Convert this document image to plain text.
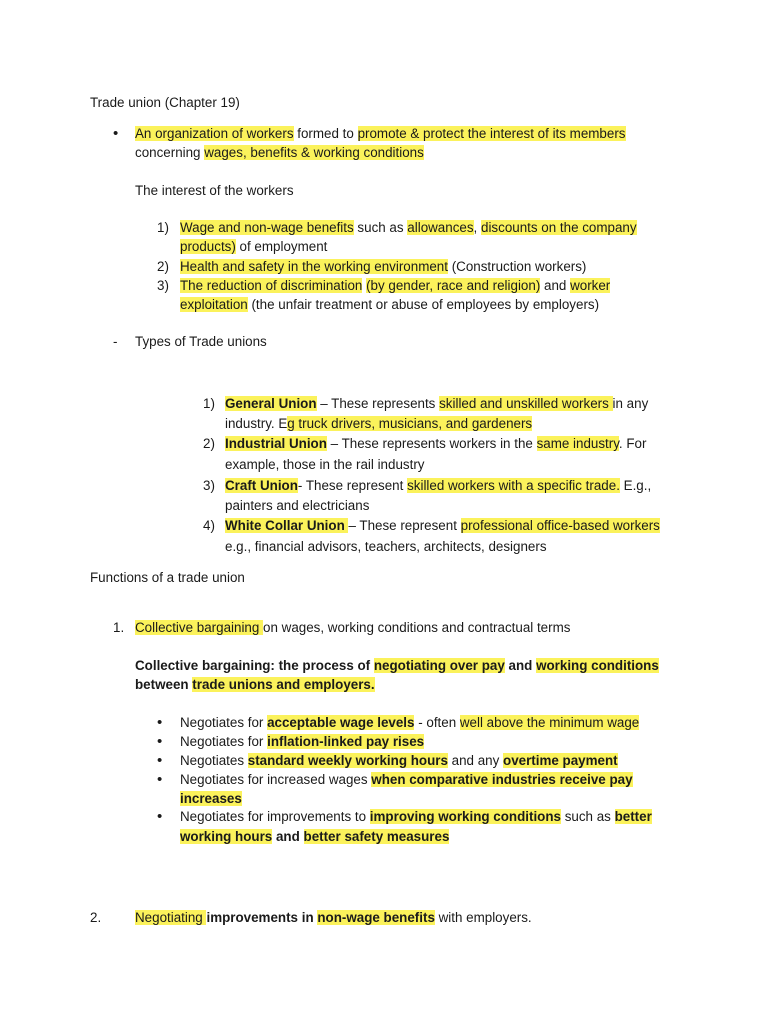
Trade union (Chapter 19)
• An organization of workers formed to promote & protect the interest of its members
concerning wages, benefits & working conditions
The interest of the workers
1) Wage and non-wage benefits such as allowances, discounts on the company
products) of employment
2) Health and safety in the working environment (Construction workers)
3) The reduction of discrimination (by gender, race and religion) and worker
exploitation (the unfair treatment or abuse of employees by employers)
- Types of Trade unions
1) General Union – These represents skilled and unskilled workers in any
industry. Eg truck drivers, musicians, and gardeners
2) Industrial Union – These represents workers in the same industry. For
example, those in the rail industry
3) Craft Union- These represent skilled workers with a specific trade. E.g.,
painters and electricians
4) White Collar Union – These represent professional office-based workers
e.g., financial advisors, teachers, architects, designers
Functions of a trade union
1. Collective bargaining on wages, working conditions and contractual terms
Collective bargaining: the process of negotiating over pay and working conditions
between trade unions and employers.
• Negotiates for acceptable wage levels - often well above the minimum wage
• Negotiates for inflation-linked pay rises
• Negotiates standard weekly working hours and any overtime payment
• Negotiates for increased wages when comparative industries receive pay
increases
• Negotiates for improvements to improving working conditions such as better
working hours and better safety measures
2.	Negotiating improvements in non-wage benefits with employers.
